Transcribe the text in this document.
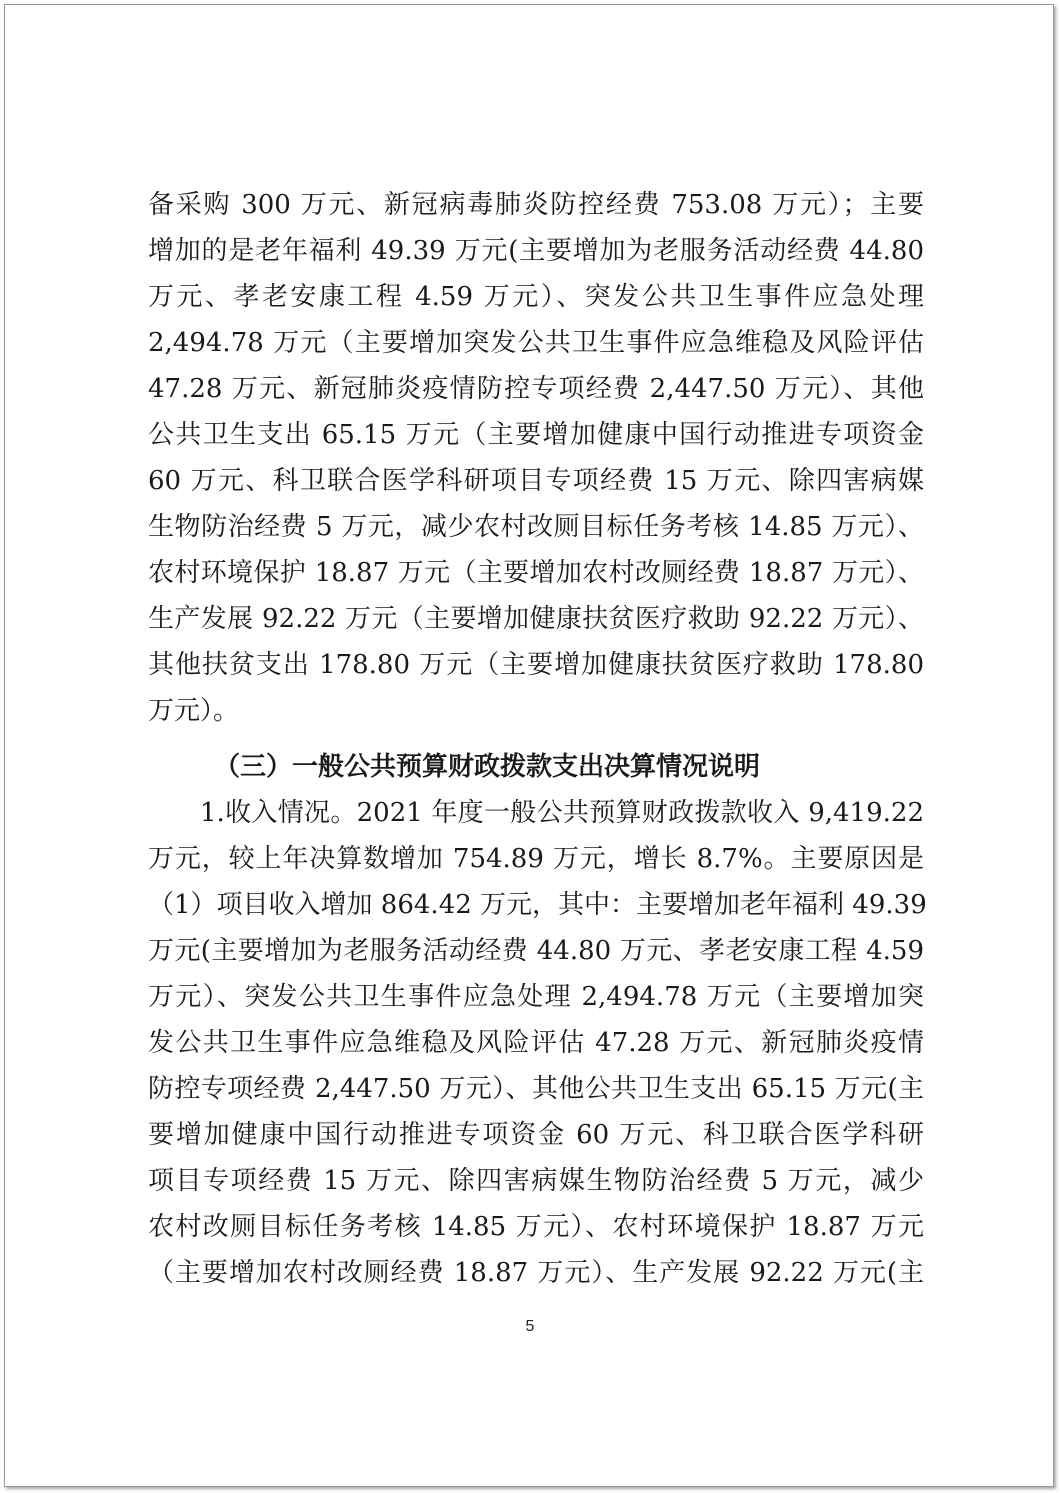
备采购 300 万元、新冠病毒肺炎防控经费 753.08 万元）；主要
增加的是老年福利 49.39 万元(主要增加为老服务活动经费 44.80
万元、孝老安康工程 4.59 万元）、突发公共卫生事件应急处理
2,494.78 万元（主要增加突发公共卫生事件应急维稳及风险评估
47.28 万元、新冠肺炎疫情防控专项经费 2,447.50 万元）、其他
公共卫生支出 65.15 万元（主要增加健康中国行动推进专项资金
60 万元、科卫联合医学科研项目专项经费 15 万元、除四害病媒
生物防治经费 5 万元，减少农村改厕目标任务考核 14.85 万元）、
农村环境保护 18.87 万元（主要增加农村改厕经费 18.87 万元）、
生产发展 92.22 万元（主要增加健康扶贫医疗救助 92.22 万元）、
其他扶贫支出 178.80 万元（主要增加健康扶贫医疗救助 178.80
万元）。
（三）一般公共预算财政拨款支出决算情况说明
1.收入情况。2021 年度一般公共预算财政拨款收入 9,419.22
万元，较上年决算数增加 754.89 万元，增长 8.7%。主要原因是
（1）项目收入增加 864.42 万元，其中：主要增加老年福利 49.39
万元(主要增加为老服务活动经费 44.80 万元、孝老安康工程 4.59
万元）、突发公共卫生事件应急处理 2,494.78 万元（主要增加突
发公共卫生事件应急维稳及风险评估 47.28 万元、新冠肺炎疫情
防控专项经费 2,447.50 万元）、其他公共卫生支出 65.15 万元(主
要增加健康中国行动推进专项资金 60 万元、科卫联合医学科研
项目专项经费 15 万元、除四害病媒生物防治经费 5 万元，减少
农村改厕目标任务考核 14.85 万元）、农村环境保护 18.87 万元
（主要增加农村改厕经费 18.87 万元）、生产发展 92.22 万元(主
5
